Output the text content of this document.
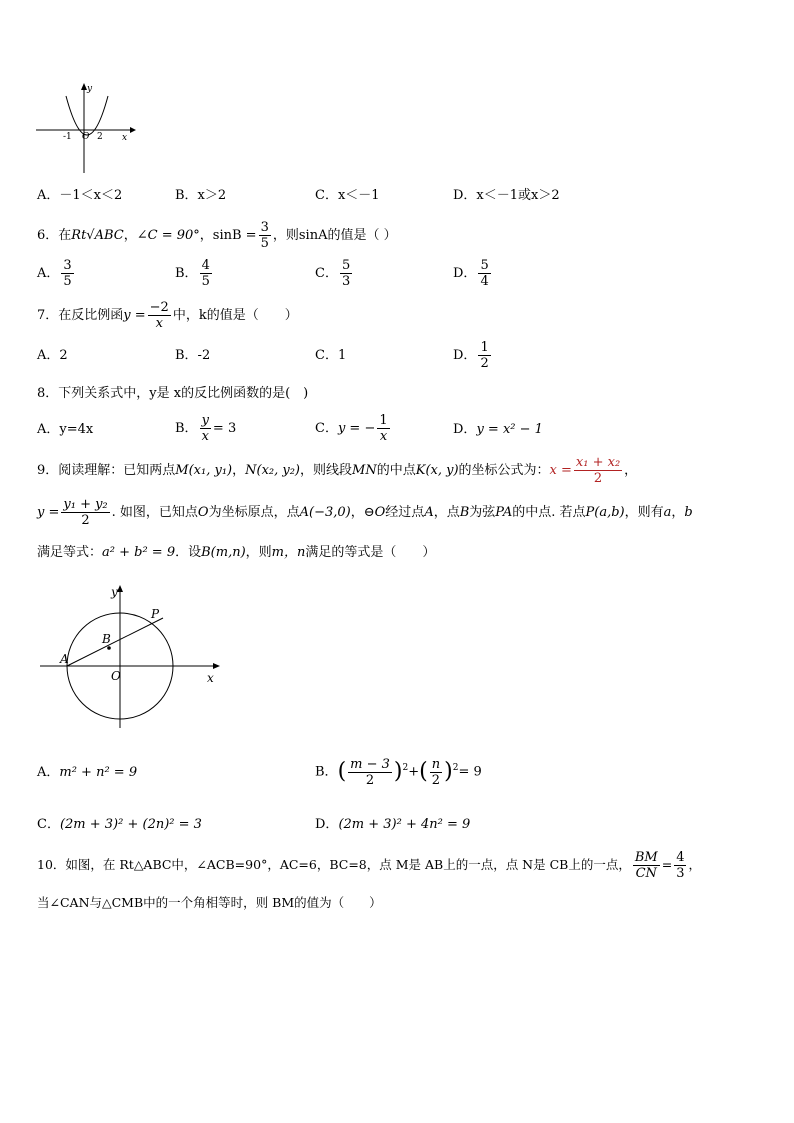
y
x
-1 O 2
A．－1＜x＜2	B．x＞2	C．x＜－1	D．x＜－1或x＞2
6．在Rt√ABC，∠C = 90°，$\sin B = \frac{3}{5}$ ，则sinA的值是（ ）
A． $\frac{3}{5}$	B． $\frac{4}{5}$	C． $\frac{5}{3}$	D． $\frac{5}{4}$
7．在反比例函$y = \frac{-2}{x}$ 中，k的值是（　　）
A．2	B．-2	C．1	D． $\frac{1}{2}$
8．下列关系式中，y是 x的反比例函数的是(　)
A．y=4x	B． $\frac{y}{x} = 3$	C．y = − $\frac{1}{x}$	D．y = x² − 1
9．阅读理解：已知两点M(x₁, y₁)，N(x₂, y₂)，则线段MN的中点K(x, y)的坐标公式为：$x = \frac{\text{x₁ + x₂}}{2}$ ，
$y = \frac{\text{y₁ + y₂}}{2}$ . 如图，已知点O为坐标原点，点A(−3,0)，⊖O经过点A，点B为弦PA的中点. 若点P(a,b)，则有a，b
满足等式：a² + b² = 9．设B(m,n)，则m，n满足的等式是（　　）
y
x
P
B
A
O
A．m² + n² = 9	B．( $\frac{m - 3}{2} )^2+( \frac{n}{2} )^2= 9$
C．(2m + 3)² + (2n)² = 3	D．(2m + 3)² + 4n² = 9
10．如图，在 Rt△ABC中，∠ACB=90°，AC=6，BC=8，点 M是 AB上的一点，点 N是 CB上的一点， $\frac{BM}{CN} = \frac{4}{3}$ ，
当∠CAN与△CMB中的一个角相等时，则 BM的值为（　　）
